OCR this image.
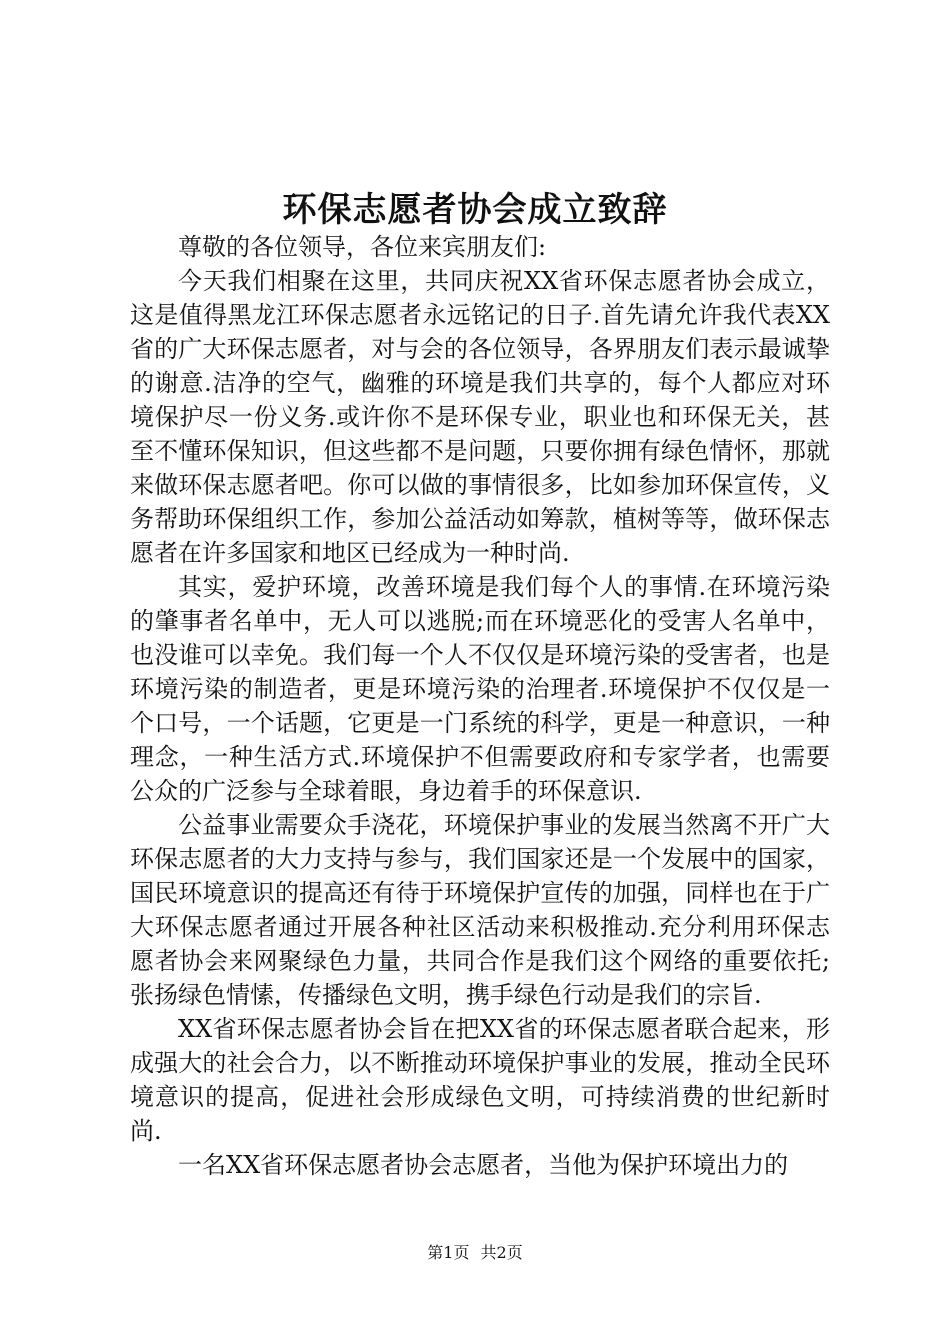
环保志愿者协会成立致辞

尊敬的各位领导，各位来宾朋友们:

今天我们相聚在这里，共同庆祝XX省环保志愿者协会成立，这是值得黑龙江环保志愿者永远铭记的日子.首先请允许我代表XX省的广大环保志愿者，对与会的各位领导，各界朋友们表示最诚挚的谢意.洁净的空气，幽雅的环境是我们共享的，每个人都应对环境保护尽一份义务.或许你不是环保专业，职业也和环保无关，甚至不懂环保知识，但这些都不是问题，只要你拥有绿色情怀，那就来做环保志愿者吧。你可以做的事情很多，比如参加环保宣传，义务帮助环保组织工作，参加公益活动如筹款，植树等等，做环保志愿者在许多国家和地区已经成为一种时尚.

其实，爱护环境，改善环境是我们每个人的事情.在环境污染的肇事者名单中，无人可以逃脱;而在环境恶化的受害人名单中，也没谁可以幸免。我们每一个人不仅仅是环境污染的受害者，也是环境污染的制造者，更是环境污染的治理者.环境保护不仅仅是一个口号，一个话题，它更是一门系统的科学，更是一种意识，一种理念，一种生活方式.环境保护不但需要政府和专家学者，也需要公众的广泛参与全球着眼，身边着手的环保意识.

公益事业需要众手浇花，环境保护事业的发展当然离不开广大环保志愿者的大力支持与参与，我们国家还是一个发展中的国家，国民环境意识的提高还有待于环境保护宣传的加强，同样也在于广大环保志愿者通过开展各种社区活动来积极推动.充分利用环保志愿者协会来网聚绿色力量，共同合作是我们这个网络的重要依托;张扬绿色情愫，传播绿色文明，携手绿色行动是我们的宗旨.

XX省环保志愿者协会旨在把XX省的环保志愿者联合起来，形成强大的社会合力，以不断推动环境保护事业的发展，推动全民环境意识的提高，促进社会形成绿色文明，可持续消费的世纪新时尚.

一名XX省环保志愿者协会志愿者，当他为保护环境出力的

第1页 共2页
